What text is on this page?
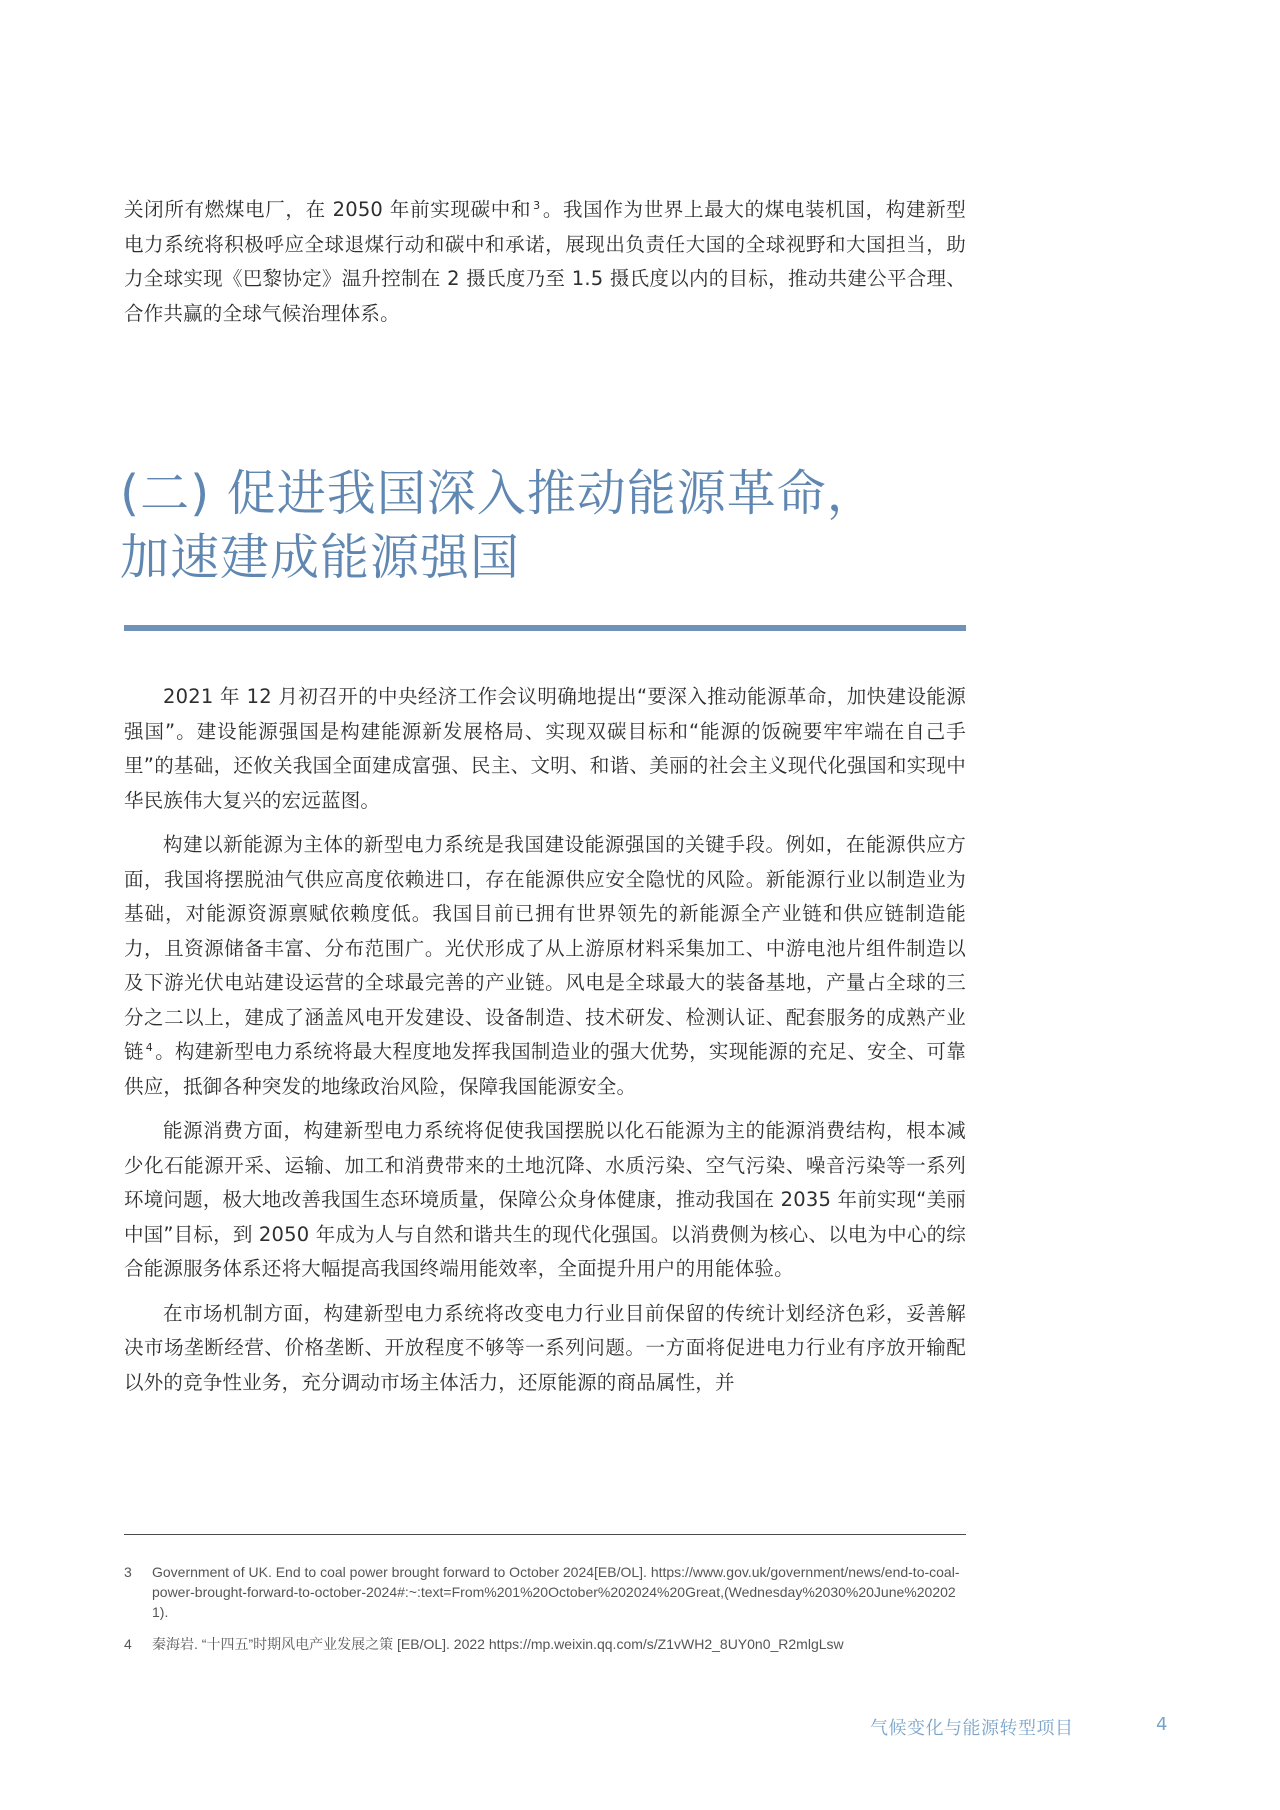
关闭所有燃煤电厂，在 2050 年前实现碳中和 $^3$ 。我国作为世界上最大的煤电装机国，构建新型电力系统将积极呼应全球退煤行动和碳中和承诺，展现出负责任大国的全球视野和大国担当，助力全球实现《巴黎协定》温升控制在 2 摄氏度乃至 1.5 摄氏度以内的目标，推动共建公平合理、合作共赢的全球气候治理体系。

(二) 促进我国深入推动能源革命，
加速建成能源强国

2021 年 12 月初召开的中央经济工作会议明确地提出“要深入推动能源革命，加快建设能源强国”。建设能源强国是构建能源新发展格局、实现双碳目标和“能源的饭碗要牢牢端在自己手里”的基础，还攸关我国全面建成富强、民主、文明、和谐、美丽的社会主义现代化强国和实现中华民族伟大复兴的宏远蓝图。

构建以新能源为主体的新型电力系统是我国建设能源强国的关键手段。例如，在能源供应方面，我国将摆脱油气供应高度依赖进口，存在能源供应安全隐忧的风险。新能源行业以制造业为基础，对能源资源禀赋依赖度低。我国目前已拥有世界领先的新能源全产业链和供应链制造能力，且资源储备丰富、分布范围广。光伏形成了从上游原材料采集加工、中游电池片组件制造以及下游光伏电站建设运营的全球最完善的产业链。风电是全球最大的装备基地，产量占全球的三分之二以上，建成了涵盖风电开发建设、设备制造、技术研发、检测认证、配套服务的成熟产业链 $^4$ 。构建新型电力系统将最大程度地发挥我国制造业的强大优势，实现能源的充足、安全、可靠供应，抵御各种突发的地缘政治风险，保障我国能源安全。

能源消费方面，构建新型电力系统将促使我国摆脱以化石能源为主的能源消费结构，根本减少化石能源开采、运输、加工和消费带来的土地沉降、水质污染、空气污染、噪音污染等一系列环境问题，极大地改善我国生态环境质量，保障公众身体健康，推动我国在 2035 年前实现“美丽中国”目标，到 2050 年成为人与自然和谐共生的现代化强国。以消费侧为核心、以电为中心的综合能源服务体系还将大幅提高我国终端用能效率，全面提升用户的用能体验。

在市场机制方面，构建新型电力系统将改变电力行业目前保留的传统计划经济色彩，妥善解决市场垄断经营、价格垄断、开放程度不够等一系列问题。一方面将促进电力行业有序放开输配以外的竞争性业务，充分调动市场主体活力，还原能源的商品属性，并

3	Government of UK. End to coal power brought forward to October 2024[EB/OL]. https://www.gov.uk/government/news/end-to-coal-power-brought-forward-to-october-2024#:~:text=From%201%20October%202024%20Great,(Wednesday%2030%20June%202021).
4	秦海岩. “十四五”时期风电产业发展之策 [EB/OL]. 2022 https://mp.weixin.qq.com/s/Z1vWH2_8UY0n0_R2mlgLsw
气候变化与能源转型项目	4
